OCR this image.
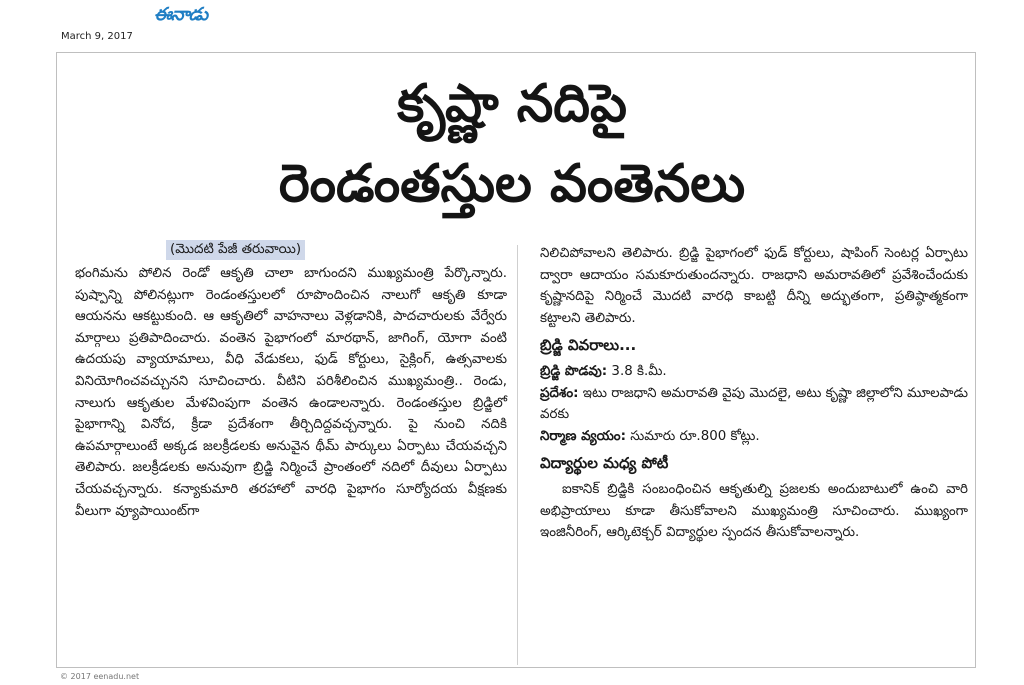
ఈనాడు
March 9, 2017
కృష్ణా నదిపై
రెండంతస్తుల వంతెనలు
(మొదటి పేజీ తరువాయి)

భంగిమను పోలిన రెండో ఆకృతి చాలా బాగుందని ముఖ్యమంత్రి పేర్కొన్నారు. పుష్పాన్ని పోలినట్లుగా రెండంతస్తులలో రూపొందించిన నాలుగో ఆకృతి కూడా ఆయనను ఆకట్టుకుంది. ఆ ఆకృతిలో వాహనాలు వెళ్లడానికి, పాదచారులకు వేర్వేరు మార్గాలు ప్రతిపాదించారు. వంతెన పైభాగంలో మారథాన్, జాగింగ్, యోగా వంటి ఉదయపు వ్యాయామాలు, వీధి వేడుకలు, ఫుడ్ కోర్టులు, సైక్లింగ్, ఉత్సవాలకు వినియోగించవచ్చునని సూచించారు. వీటిని పరిశీలించిన ముఖ్యమంత్రి.. రెండు, నాలుగు ఆకృతుల మేళవింపుగా వంతెన ఉండాలన్నారు. రెండంతస్తుల బ్రిడ్జిలో పైభాగాన్ని వినోద, క్రీడా ప్రదేశంగా తీర్చిదిద్దవచ్చన్నారు. పై నుంచి నదికి ఉపమార్గాలుంటే అక్కడ జలక్రీడలకు అనువైన థీమ్ పార్కులు ఏర్పాటు చేయవచ్చని తెలిపారు. జలక్రీడలకు అనువుగా బ్రిడ్జి నిర్మించే ప్రాంతంలో నదిలో దీవులు ఏర్పాటు చేయవచ్చన్నారు. కన్యాకుమారి తరహాలో వారధి పైభాగం సూర్యోదయ వీక్షణకు వీలుగా వ్యూపాయింట్‌గా

నిలిచిపోవాలని తెలిపారు. బ్రిడ్జి పైభాగంలో ఫుడ్ కోర్టులు, షాపింగ్ సెంటర్ల ఏర్పాటు ద్వారా ఆదాయం సమకూరుతుందన్నారు. రాజధాని అమరావతిలో ప్రవేశించేందుకు కృష్ణానదిపై నిర్మించే మొదటి వారధి కాబట్టి దీన్ని అద్భుతంగా, ప్రతిష్ఠాత్మకంగా కట్టాలని తెలిపారు.

బ్రిడ్జి వివరాలు...

బ్రిడ్జి పొడవు: 3.8 కి.మీ.

ప్రదేశం: ఇటు రాజధాని అమరావతి వైపు మొదలై, అటు కృష్ణా జిల్లాలోని మూలపాడు వరకు

నిర్మాణ వ్యయం: సుమారు రూ.800 కోట్లు.

విద్యార్థుల మధ్య పోటీ

ఐకానిక్ బ్రిడ్జికి సంబంధించిన ఆకృతుల్ని ప్రజలకు అందుబాటులో ఉంచి వారి అభిప్రాయాలు కూడా తీసుకోవాలని ముఖ్యమంత్రి సూచించారు. ముఖ్యంగా ఇంజినీరింగ్, ఆర్కిటెక్చర్ విద్యార్థుల స్పందన తీసుకోవాలన్నారు.

© 2017 eenadu.net
